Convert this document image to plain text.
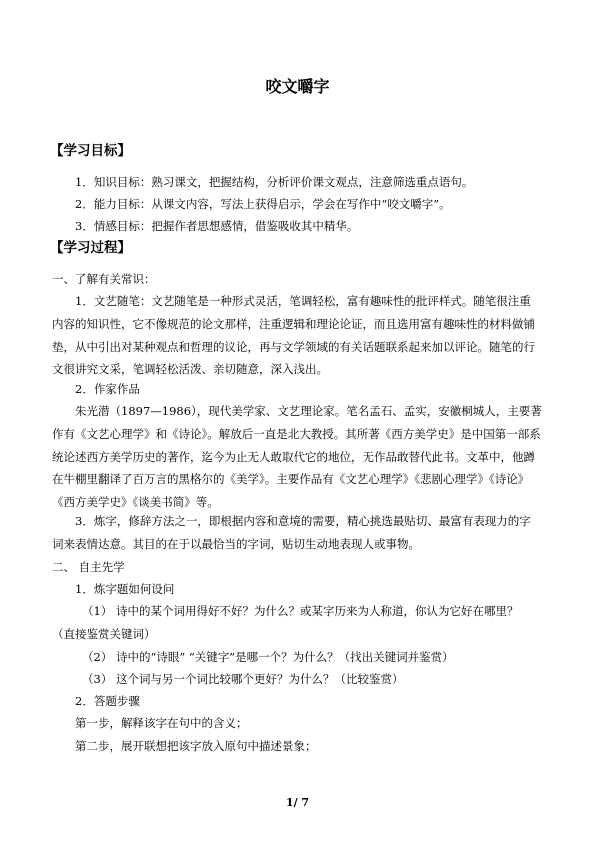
咬文嚼字
【学习目标】
1．知识目标：熟习课文，把握结构，分析评价课文观点，注意筛选重点语句。
2．能力目标：从课文内容，写法上获得启示，学会在写作中“咬文嚼字”。
3．情感目标：把握作者思想感情，借鉴吸收其中精华。
【学习过程】
一、了解有关常识：
1．文艺随笔：文艺随笔是一种形式灵活，笔调轻松，富有趣味性的批评样式。随笔很注重内容的知识性，它不像规范的论文那样，注重逻辑和理论论证，而且选用富有趣味性的材料做铺垫，从中引出对某种观点和哲理的议论，再与文学领域的有关话题联系起来加以评论。随笔的行文很讲究文采，笔调轻松活泼、亲切随意，深入浅出。
2．作家作品
朱光潜（1897—1986），现代美学家、文艺理论家。笔名孟石、孟实，安徽桐城人，主要著作有《文艺心理学》和《诗论》。解放后一直是北大教授。其所著《西方美学史》是中国第一部系统论述西方美学历史的著作，迄今为止无人敢取代它的地位，无作品敢替代此书。文革中，他蹲在牛棚里翻译了百万言的黑格尔的《美学》。主要作品有《文艺心理学》《悲剧心理学》《诗论》《西方美学史》《谈美书简》等。
3．炼字，修辞方法之一，即根据内容和意境的需要，精心挑选最贴切、最富有表现力的字词来表情达意。其目的在于以最恰当的字词，贴切生动地表现人或事物。
二、 自主先学
1．炼字题如何设问
（1） 诗中的某个词用得好不好？为什么？或某字历来为人称道，你认为它好在哪里？
（直接鉴赏关键词）
（2） 诗中的“诗眼” “关键字”是哪一个？为什么？（找出关键词并鉴赏）
（3） 这个词与另一个词比较哪个更好？为什么？（比较鉴赏）
2．答题步骤
第一步，解释该字在句中的含义；
第二步，展开联想把该字放入原句中描述景象；
1/ 7
